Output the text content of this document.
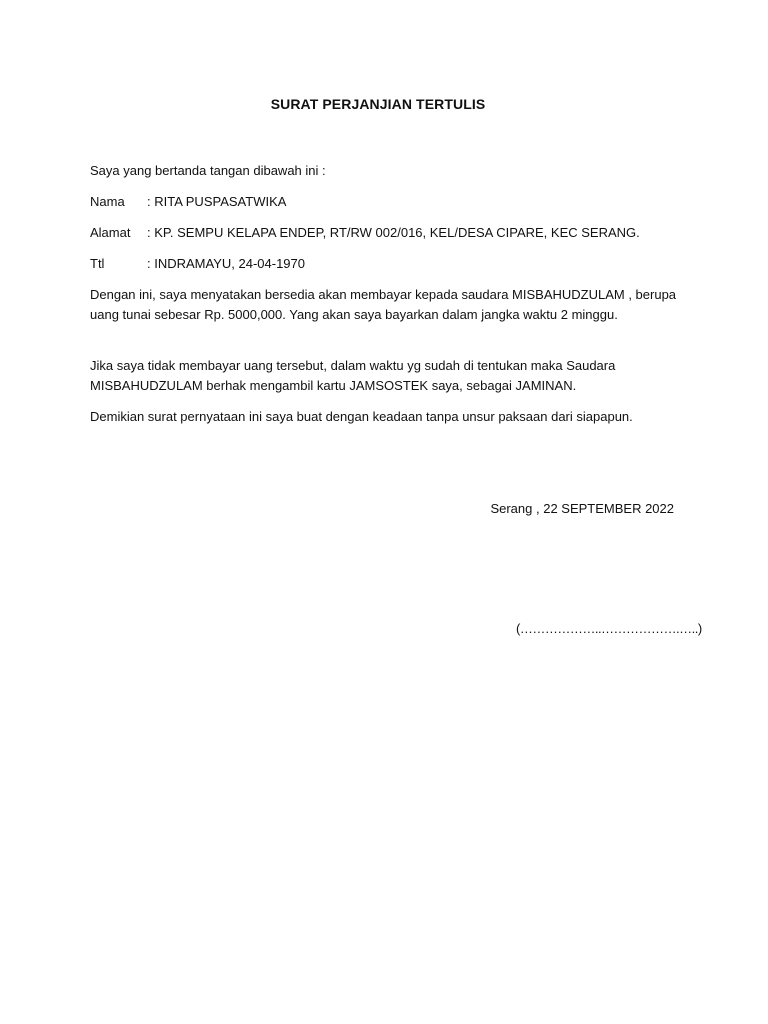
SURAT PERJANJIAN TERTULIS
Saya yang bertanda tangan dibawah ini :
Nama : RITA PUSPASATWIKA
Alamat : KP. SEMPU KELAPA ENDEP, RT/RW 002/016, KEL/DESA CIPARE, KEC SERANG.
Ttl	: INDRAMAYU, 24-04-1970
Dengan ini, saya menyatakan bersedia akan membayar kepada saudara MISBAHUDZULAM , berupa uang tunai sebesar Rp. 5000,000. Yang akan saya bayarkan dalam jangka waktu 2 minggu.
Jika saya tidak membayar uang tersebut, dalam waktu yg sudah di tentukan maka Saudara MISBAHUDZULAM berhak mengambil kartu JAMSOSTEK saya, sebagai JAMINAN.
Demikian surat pernyataan ini saya buat dengan keadaan tanpa unsur paksaan dari siapapun.
Serang , 22 SEPTEMBER 2022
(………………..……………….…..)
